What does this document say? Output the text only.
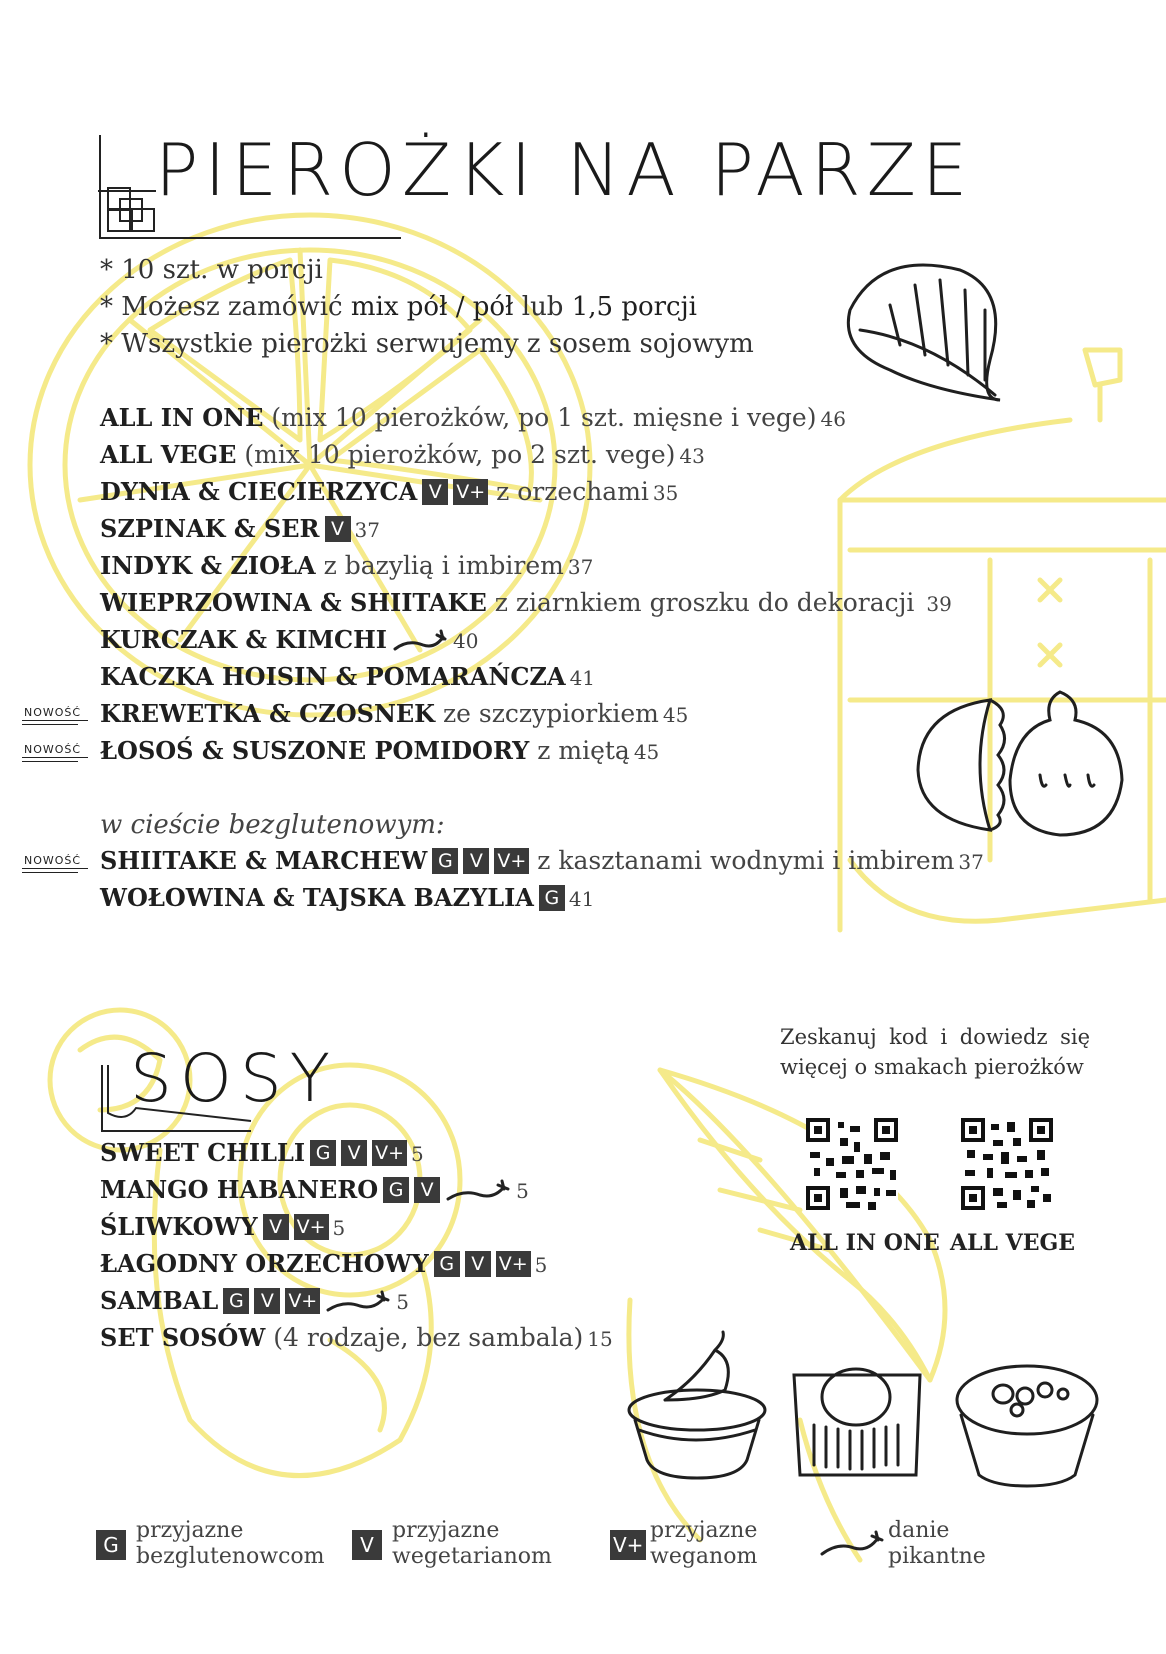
PIEROŻKI NA PARZE
* 10 szt. w porcji
* Możesz zamówić mix pół / pół lub 1,5 porcji
* Wszystkie pierożki serwujemy z sosem sojowym
NOWOŚĆ
NOWOŚĆ
NOWOŚĆ
ALL IN ONE (mix 10 pierożków, po 1 szt. mięsne i vege) 46
ALL VEGE (mix 10 pierożków, po 2 szt. vege) 43
DYNIA & CIECIERZYCA V V+ z orzechami 35
SZPINAK & SER V 37
INDYK & ZIOŁA z bazylią i imbirem 37
WIEPRZOWINA & SHIITAKE z ziarnkiem groszku do dekoracji 39
KURCZAK & KIMCHI	40
KACZKA HOISIN & POMARAŃCZA 41
KREWETKA & CZOSNEK ze szczypiorkiem 45
ŁOSOŚ & SUSZONE POMIDORY z miętą 45
w cieście bezglutenowym:
SHIITAKE & MARCHEW G V V+ z kasztanami wodnymi i imbirem 37
WOŁOWINA & TAJSKA BAZYLIA G 41
SOSY
SWEET CHILLI G V V+ 5
MANGO HABANERO G V	5
ŚLIWKOWY V V+ 5
ŁAGODNY ORZECHOWY G V V+ 5
SAMBAL G V V+	5
SET SOSÓW (4 rodzaje, bez sambala) 15
Zeskanuj kod i dowiedz się więcej o smakach pierożków
ALL IN ONE ALL VEGE
G
przyjazne
bezglutenowcom	V
przyjazne
wegetarianom	V+
przyjazne
weganom
danie
pikantne
